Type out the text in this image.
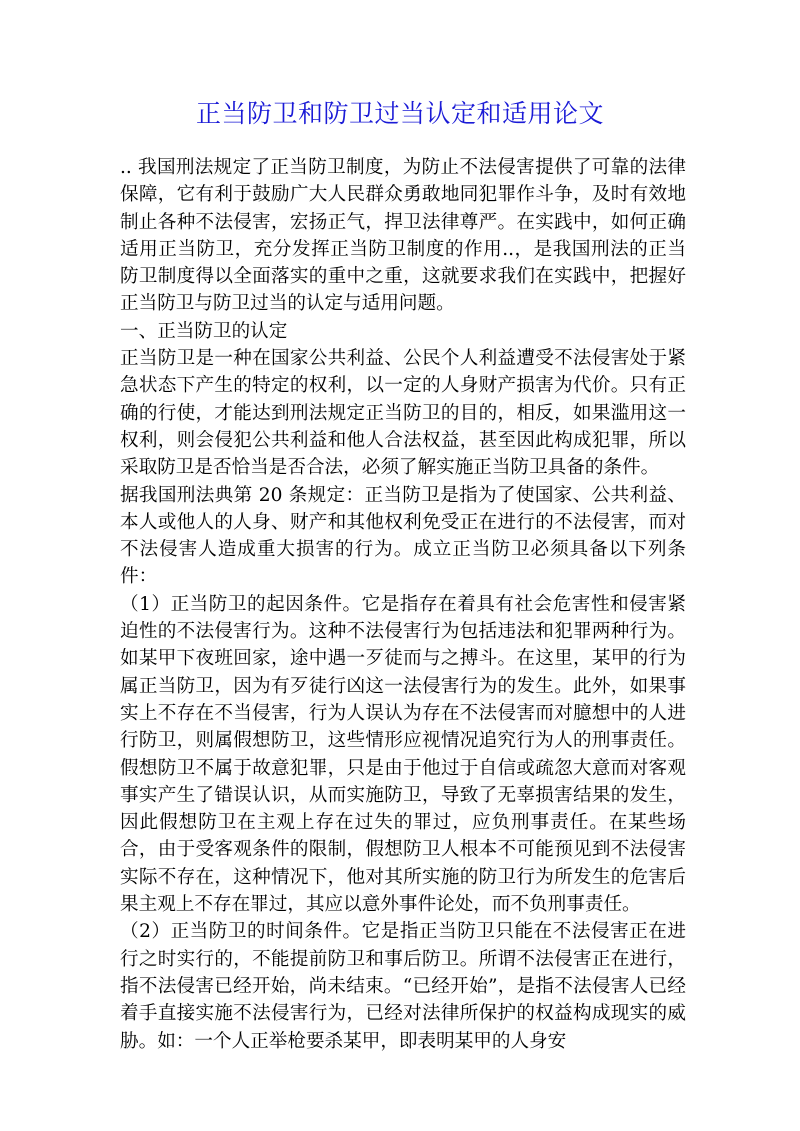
正当防卫和防卫过当认定和适用论文

.. 我国刑法规定了正当防卫制度，为防止不法侵害提供了可靠的法律保障，它有利于鼓励广大人民群众勇敢地同犯罪作斗争，及时有效地制止各种不法侵害，宏扬正气，捍卫法律尊严。在实践中，如何正确适用正当防卫，充分发挥正当防卫制度的作用..，是我国刑法的正当防卫制度得以全面落实的重中之重，这就要求我们在实践中，把握好正当防卫与防卫过当的认定与适用问题。

一、正当防卫的认定

正当防卫是一种在国家公共利益、公民个人利益遭受不法侵害处于紧急状态下产生的特定的权利，以一定的人身财产损害为代价。只有正确的行使，才能达到刑法规定正当防卫的目的，相反，如果滥用这一权利，则会侵犯公共利益和他人合法权益，甚至因此构成犯罪，所以采取防卫是否恰当是否合法，必须了解实施正当防卫具备的条件。

据我国刑法典第 20 条规定：正当防卫是指为了使国家、公共利益、本人或他人的人身、财产和其他权利免受正在进行的不法侵害，而对不法侵害人造成重大损害的行为。成立正当防卫必须具备以下列条件：

（1）正当防卫的起因条件。它是指存在着具有社会危害性和侵害紧迫性的不法侵害行为。这种不法侵害行为包括违法和犯罪两种行为。如某甲下夜班回家，途中遇一歹徒而与之搏斗。在这里，某甲的行为属正当防卫，因为有歹徒行凶这一法侵害行为的发生。此外，如果事实上不存在不当侵害，行为人误认为存在不法侵害而对臆想中的人进行防卫，则属假想防卫，这些情形应视情况追究行为人的刑事责任。假想防卫不属于故意犯罪，只是由于他过于自信或疏忽大意而对客观事实产生了错误认识，从而实施防卫，导致了无辜损害结果的发生，因此假想防卫在主观上存在过失的罪过，应负刑事责任。在某些场合，由于受客观条件的限制，假想防卫人根本不可能预见到不法侵害实际不存在，这种情况下，他对其所实施的防卫行为所发生的危害后果主观上不存在罪过，其应以意外事件论处，而不负刑事责任。

（2）正当防卫的时间条件。它是指正当防卫只能在不法侵害正在进行之时实行的，不能提前防卫和事后防卫。所谓不法侵害正在进行，指不法侵害已经开始，尚未结束。“已经开始”，是指不法侵害人已经着手直接实施不法侵害行为，已经对法律所保护的权益构成现实的威胁。如：一个人正举枪要杀某甲，即表明某甲的人身安
